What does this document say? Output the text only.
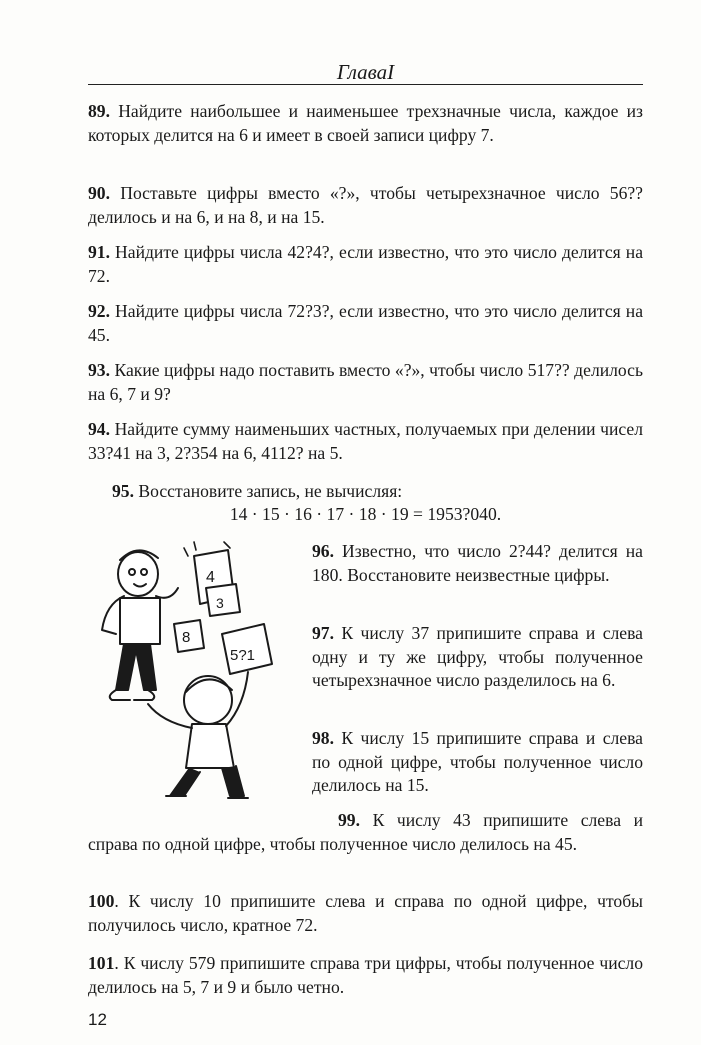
ГлаваI
89. Найдите наибольшее и наименьшее трехзначные числа, каждое из которых делится на 6 и имеет в своей записи цифру 7.
90. Поставьте цифры вместо «?», чтобы четырехзначное число 56?? делилось и на 6, и на 8, и на 15.
91. Найдите цифры числа 42?4?, если известно, что это число делится на 72.
92. Найдите цифры числа 72?3?, если известно, что это число делится на 45.
93. Какие цифры надо поставить вместо «?», чтобы число 517?? делилось на 6, 7 и 9?
94. Найдите сумму наименьших частных, получаемых при делении чисел 33?41 на 3, 2?354 на 6, 4112? на 5.
95. Восстановите запись, не вычисляя:
14 · 15 · 16 · 17 · 18 · 19 = 1953?040.
96. Известно, что число 2?44? делится на 180. Восстановите неизвестные цифры.
97. К числу 37 припишите справа и слева одну и ту же цифру, чтобы полученное четырехзначное число разделилось на 6.
98. К числу 15 припишите справа и слева по одной цифре, чтобы полученное число делилось на 15.
99. К числу 43 припишите слева и справа по одной цифре, чтобы полученное число делилось на 45.
100. К числу 10 припишите слева и справа по одной цифре, чтобы получилось число, кратное 72.
101. К числу 579 припишите справа три цифры, чтобы полученное число делилось на 5, 7 и 9 и было четно.
4
3
8
5?1
12
